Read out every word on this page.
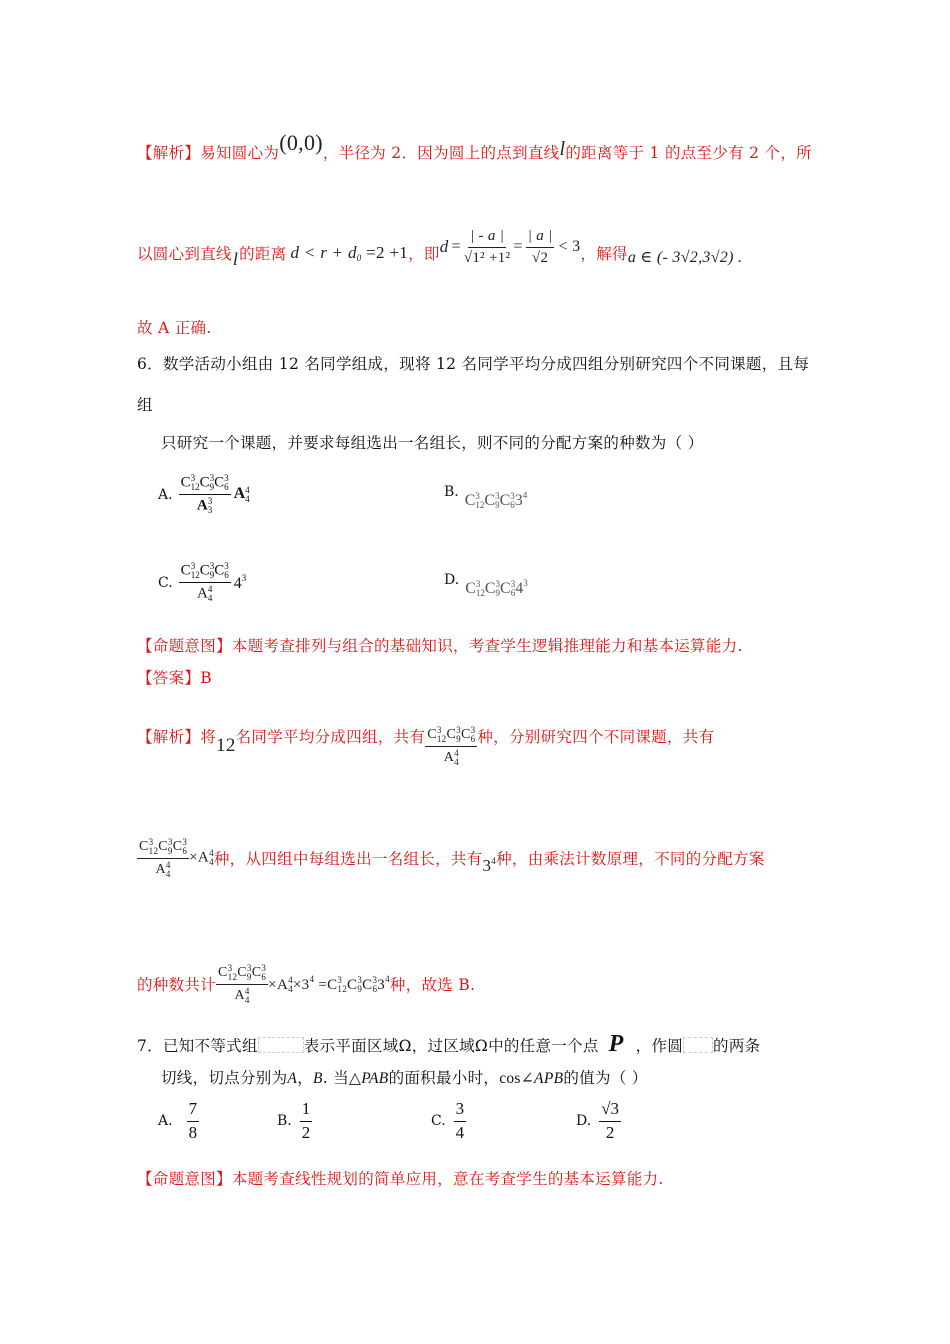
【解析】易知圆心为(0,0)，半径为 2．因为圆上的点到直线l的距离等于 1 的点至少有 2 个，所
以圆心到直线 l 的距离 $d < r + d_0 =2 +1$ ，即 $d = \frac{| - a |}{\text{√1² +1²}} = \frac{| a |}{√2} < 3$ ，解得 a ∈ (- 3√2,3√2) .
故 A 正确.
6．数学活动小组由 12 名同学组成，现将 12 名同学平均分成四组分别研究四个不同课题，且每
组
只研究一个课题，并要求每组选出一名组长，则不同的分配方案的种数为（ ）
A. C 3
12 C 3
9 C 3
6
A 3
3 A 4
4	B. C 3
12 C 3
9 C 3
6 $3^4$
C. C 3
12 C 3
9 C 3
6
A 4
4 $4^3$	D. C 3
12 C 3
9 C 3
6 $4^3$
【命题意图】本题考查排列与组合的基础知识，考查学生逻辑推理能力和基本运算能力.
【答案】B
【解析】 将 12 名同学平均分成四组，共有 C 3
12 C 3
9 C 3
6
A 4
4 种，分别研究四个不同课题，共有
C 3
12 C 3
9 C 3
6
A 4
4 ×A 4
4 种，从四组中每组选出一名组长，共有 $3^4$ 种，由乘法计数原理，不同的分配方案
的种数共计 C 3
12 C 3
9 C 3
6
A 4
4 ×A 4
$4 \times 3^4 =C$ 3
12 C 3
9 C 3
6 $3^4$ 种，故选 B.
7．已知不等式组	表示平面区域Ω，过区域Ω中的任意一个点 P ，作圆 的两条
切线，切点分别为A，B. 当△PAB的面积最小时，cos∠APB的值为（ ）
A. $\frac{7}{8}$	B. $\frac{1}{2}$	C. $\frac{3}{4}$	D. $\frac{√3}{2}$
【命题意图】本题考查线性规划的简单应用，意在考查学生的基本运算能力.
